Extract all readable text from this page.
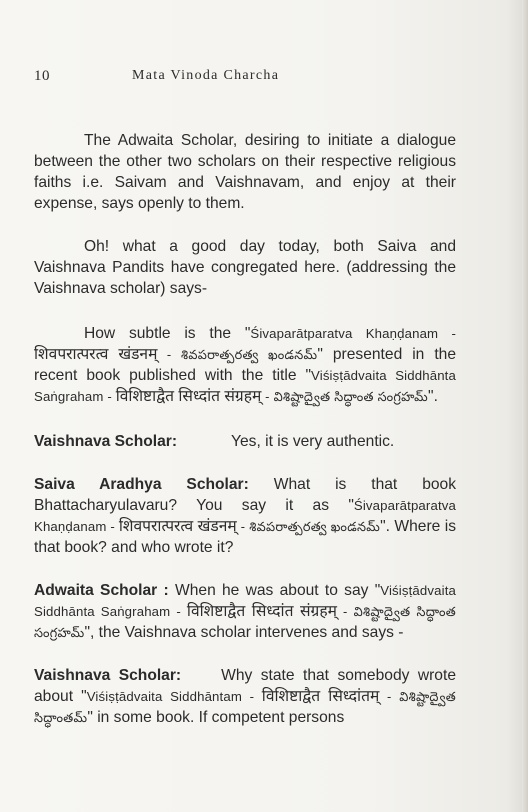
10	Mata Vinoda Charcha

The Adwaita Scholar, desiring to initiate a dialogue between the other two scholars on their respective religious faiths i.e. Saivam and Vaishnavam, and enjoy at their expense, says openly to them.

Oh! what a good day today, both Saiva and Vaishnava Pandits have congregated here. (addressing the Vaishnava scholar) says-

How subtle is the "Śivaparātparatva Khaṇḍanam - शिवपरात्परत्व खंडनम् - శివపరాత్పరత్వ ఖండనమ్" presented in the recent book published with the title "Viśiṣṭādvaita Siddhānta Saṅgraham - विशिष्टाद्वैत सिध्दांत संग्रहम् - విశిష్టాద్వైత సిద్ధాంత సంగ్రహమ్".

Vaishnava Scholar:	Yes, it is very authentic.

Saiva Aradhya Scholar: What is that book Bhattacharyulavaru? You say it as "Śivaparātparatva Khaṇḍanam - शिवपरात्परत्व खंडनम् - శివపరాత్పరత్వ ఖండనమ్". Where is that book? and who wrote it?

Adwaita Scholar : When he was about to say "Viśiṣṭādvaita Siddhānta Saṅgraham - विशिष्टाद्वैत सिध्दांत संग्रहम् - విశిష్టాద్వైత సిద్ధాంత సంగ్రహమ్", the Vaishnava scholar intervenes and says -

Vaishnava Scholar:	Why state that somebody wrote about "Viśiṣṭādvaita Siddhāntam - विशिष्टाद्वैत सिध्दांतम् - విశిష్టాద్వైత సిద్ధాంతమ్" in some book. If competent persons
